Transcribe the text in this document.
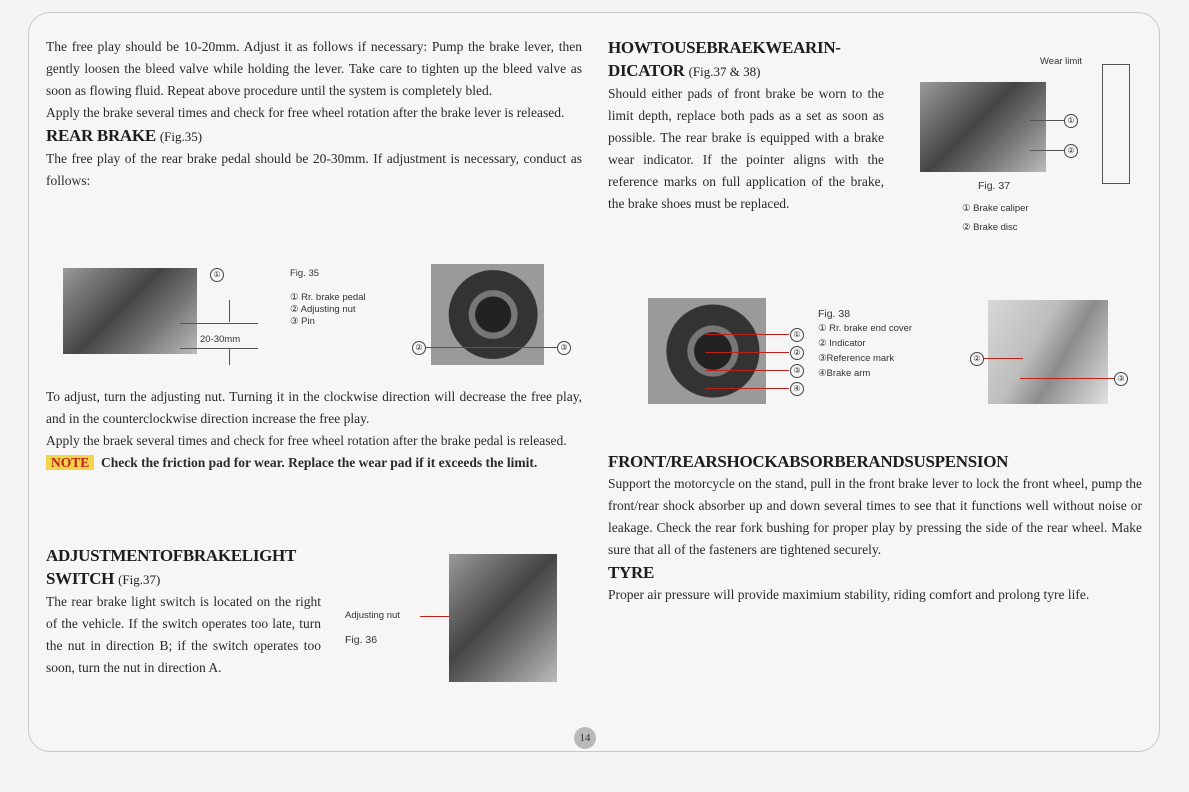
The free play should be 10-20mm. Adjust it as follows if necessary: Pump the brake lever, then gently loosen the bleed valve while holding the lever. Take care to tighten up the bleed valve as soon as flowing fluid. Repeat above procedure until the system is completely bled.

Apply the brake several times and check for free wheel rotation after the brake lever is released.

REAR BRAKE (Fig.35)

The free play of the rear brake pedal should be 20-30mm. If adjustment is necessary, conduct as follows:

①
20-30mm
Fig. 35
① Rr. brake pedal
② Adjusting nut
③ Pin
②	③

To adjust, turn the adjusting nut. Turning it in the clockwise direction will decrease the free play, and in the counterclockwise direction increase the free play.

Apply the braek several times and check for free wheel rotation after the brake pedal is released.

NOTE Check the friction pad for wear. Replace the wear pad if it exceeds the limit.

ADJUSTMENTOFBRAKELIGHT
SWITCH (Fig.37)

The rear brake light switch is located on the right of the vehicle. If the switch operates too late, turn the nut in direction B; if the switch operates too soon, turn the nut in direction A.

Adjusting nut
Fig. 36
HOWTOUSEBRAEKWEARIN-
DICATOR (Fig.37 & 38)

Should either pads of front brake be worn to the limit depth, replace both pads as a set as soon as possible. The rear brake is equipped with a brake wear indicator. If the pointer aligns with the reference marks on full application of the brake, the brake shoes must be replaced.

Wear limit
①
②
Fig. 37
① Brake caliper
② Brake disc
①
②
③
④
Fig. 38
① Rr. brake end cover
② Indicator
③Reference mark
④Brake arm
②
③
FRONT/REARSHOCKABSORBERANDSUSPENSION

Support the motorcycle on the stand, pull in the front brake lever to lock the front wheel, pump the front/rear shock absorber up and down several times to see that it functions well without noise or leakage. Check the rear fork bushing for proper play by pressing the side of the rear wheel. Make sure that all of the fasteners are tightened securely.

TYRE

Proper air pressure will provide maximium stability, riding comfort and prolong tyre life.

14
